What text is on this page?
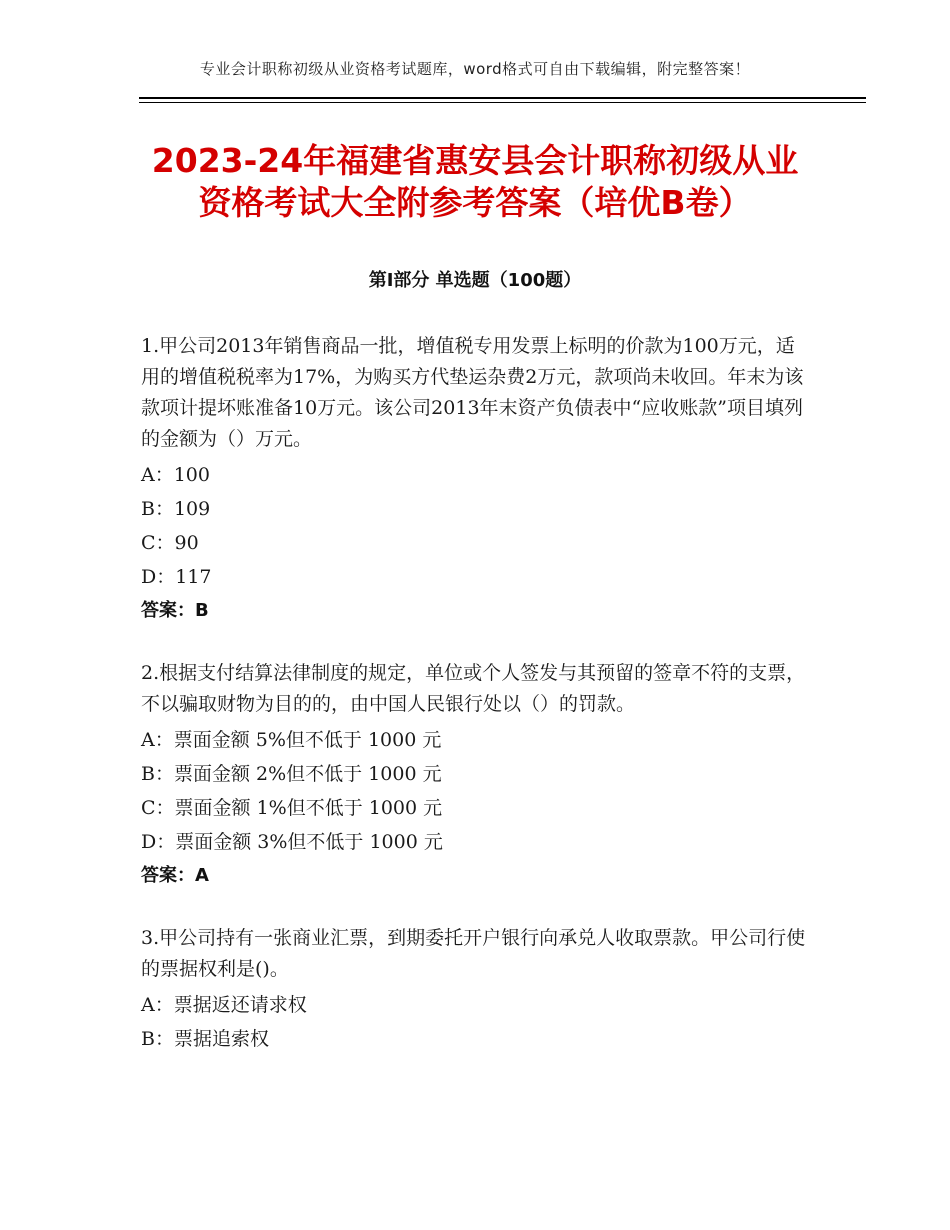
专业会计职称初级从业资格考试题库，word格式可自由下载编辑，附完整答案！
2023-24年福建省惠安县会计职称初级从业
资格考试大全附参考答案（培优B卷）
第Ⅰ部分 单选题（100题）

1.甲公司2013年销售商品一批，增值税专用发票上标明的价款为100万元，适用的增值税税率为17%，为购买方代垫运杂费2万元，款项尚未收回。年末为该款项计提坏账准备10万元。该公司2013年末资产负债表中“应收账款”项目填列的金额为（）万元。

A：100
B：109
C：90
D：117
答案：B

2.根据支付结算法律制度的规定，单位或个人签发与其预留的签章不符的支票， 不以骗取财物为目的的，由中国人民银行处以（）的罚款。

A：票面金额 5%但不低于 1000 元
B：票面金额 2%但不低于 1000 元
C：票面金额 1%但不低于 1000 元
D：票面金额 3%但不低于 1000 元
答案：A

3.甲公司持有一张商业汇票，到期委托开户银行向承兑人收取票款。甲公司行使的票据权利是()。

A：票据返还请求权
B：票据追索权
